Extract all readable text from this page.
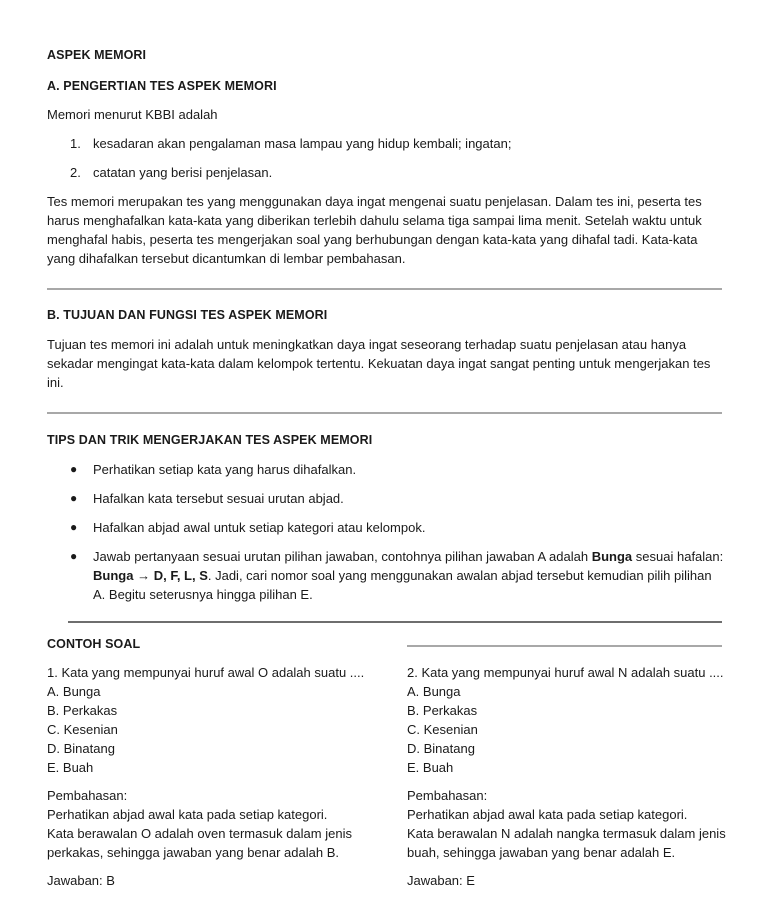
ASPEK MEMORI
A. PENGERTIAN TES ASPEK MEMORI
Memori menurut KBBI adalah
1. kesadaran akan pengalaman masa lampau yang hidup kembali; ingatan;
2. catatan yang berisi penjelasan.
Tes memori merupakan tes yang menggunakan daya ingat mengenai suatu penjelasan. Dalam tes ini, peserta tes harus menghafalkan kata-kata yang diberikan terlebih dahulu selama tiga sampai lima menit. Setelah waktu untuk menghafal habis, peserta tes mengerjakan soal yang berhubungan dengan kata-kata yang dihafal tadi. Kata-kata yang dihafalkan tersebut dicantumkan di lembar pembahasan.
B. TUJUAN DAN FUNGSI TES ASPEK MEMORI
Tujuan tes memori ini adalah untuk meningkatkan daya ingat seseorang terhadap suatu penjelasan atau hanya sekadar mengingat kata-kata dalam kelompok tertentu. Kekuatan daya ingat sangat penting untuk mengerjakan tes ini.
TIPS DAN TRIK MENGERJAKAN TES ASPEK MEMORI
● Perhatikan setiap kata yang harus dihafalkan.
● Hafalkan kata tersebut sesuai urutan abjad.
● Hafalkan abjad awal untuk setiap kategori atau kelompok.
● Jawab pertanyaan sesuai urutan pilihan jawaban, contohnya pilihan jawaban A adalah Bunga sesuai hafalan:
Bunga → D, F, L, S. Jadi, cari nomor soal yang menggunakan awalan abjad tersebut kemudian pilih pilihan A. Begitu seterusnya hingga pilihan E.
CONTOH SOAL
1. Kata yang mempunyai huruf awal O adalah suatu ....
A. Bunga
B. Perkakas
C. Kesenian
D. Binatang
E. Buah
Pembahasan:
Perhatikan abjad awal kata pada setiap kategori.
Kata berawalan O adalah oven termasuk dalam jenis
perkakas, sehingga jawaban yang benar adalah B.
Jawaban: B
2. Kata yang mempunyai huruf awal N adalah suatu ....
A. Bunga
B. Perkakas
C. Kesenian
D. Binatang
E. Buah
Pembahasan:
Perhatikan abjad awal kata pada setiap kategori.
Kata berawalan N adalah nangka termasuk dalam jenis
buah, sehingga jawaban yang benar adalah E.
Jawaban: E
